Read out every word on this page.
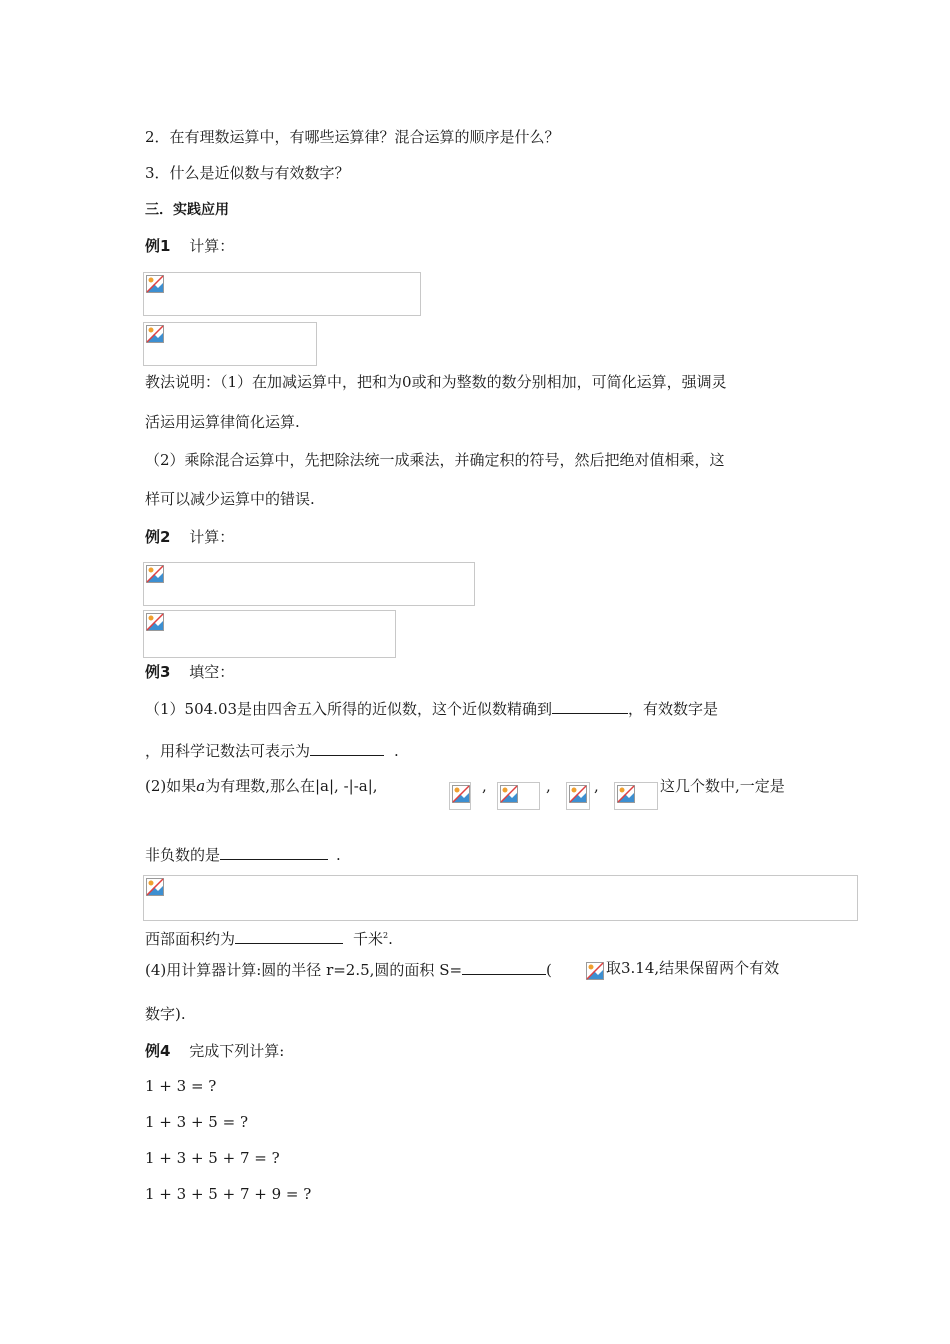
2．在有理数运算中，有哪些运算律？混合运算的顺序是什么？
3．什么是近似数与有效数字？
三．实践应用
例1 计算：
教法说明：（1）在加减运算中，把和为0或和为整数的数分别相加，可简化运算，强调灵
活运用运算律简化运算.
（2）乘除混合运算中，先把除法统一成乘法，并确定积的符号，然后把绝对值相乘，这
样可以减少运算中的错误.
例2 计算：
例3 填空：
（1）504.03是由四舍五入所得的近似数，这个近似数精确到	，有效数字是
，用科学记数法可表示为	.
(2)如果a为有理数,那么在|a|, -|-a|,	,	,	,	这几个数中,一定是
非负数的是	.
西部面积约为	千米$^2$.
(4)用计算器计算:圆的半径 r=2.5,圆的面积 S=	(	取3.14,结果保留两个有效
数字).
例4 完成下列计算:
1 + 3 = ?
1 + 3 + 5 = ?
1 + 3 + 5 + 7 = ?
1 + 3 + 5 + 7 + 9 = ?
